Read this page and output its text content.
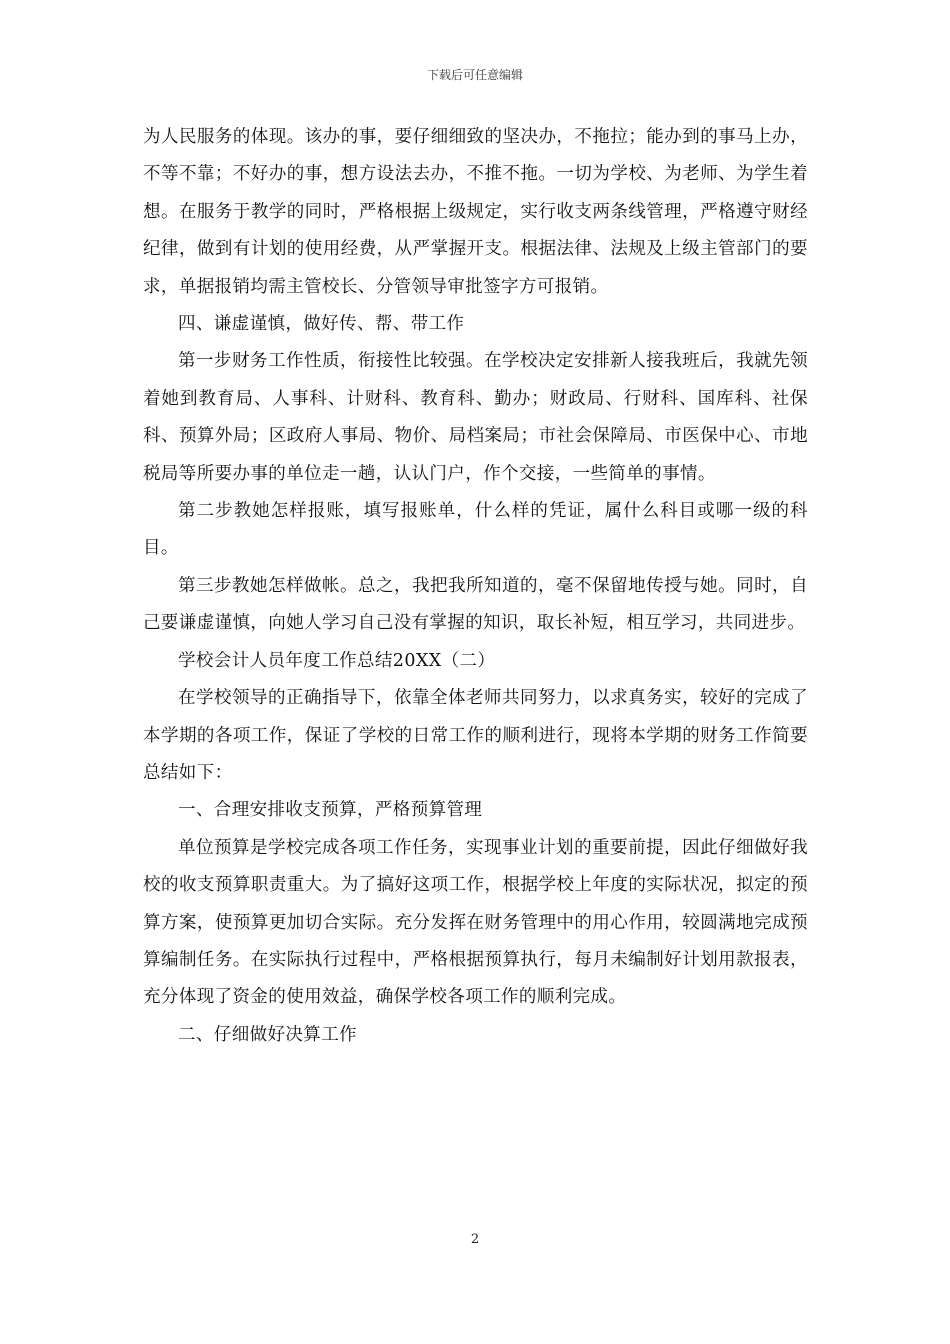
下载后可任意编辑

为人民服务的体现。该办的事，要仔细细致的坚决办，不拖拉；能办到的事马上办，不等不靠；不好办的事，想方设法去办，不推不拖。一切为学校、为老师、为学生着想。在服务于教学的同时，严格根据上级规定，实行收支两条线管理，严格遵守财经纪律，做到有计划的使用经费，从严掌握开支。根据法律、法规及上级主管部门的要求，单据报销均需主管校长、分管领导审批签字方可报销。

四、谦虚谨慎，做好传、帮、带工作

第一步财务工作性质，衔接性比较强。在学校决定安排新人接我班后，我就先领着她到教育局、人事科、计财科、教育科、勤办；财政局、行财科、国库科、社保科、预算外局；区政府人事局、物价、局档案局；市社会保障局、市医保中心、市地税局等所要办事的单位走一趟，认认门户，作个交接，一些简单的事情。

第二步教她怎样报账，填写报账单，什么样的凭证，属什么科目或哪一级的科目。

第三步教她怎样做帐。总之，我把我所知道的，毫不保留地传授与她。同时，自己要谦虚谨慎，向她人学习自己没有掌握的知识，取长补短，相互学习，共同进步。

学校会计人员年度工作总结20XX（二）

在学校领导的正确指导下，依靠全体老师共同努力，以求真务实，较好的完成了本学期的各项工作，保证了学校的日常工作的顺利进行，现将本学期的财务工作简要总结如下：

一、合理安排收支预算，严格预算管理

单位预算是学校完成各项工作任务，实现事业计划的重要前提，因此仔细做好我校的收支预算职责重大。为了搞好这项工作，根据学校上年度的实际状况，拟定的预算方案，使预算更加切合实际。充分发挥在财务管理中的用心作用，较圆满地完成预算编制任务。在实际执行过程中，严格根据预算执行，每月未编制好计划用款报表，充分体现了资金的使用效益，确保学校各项工作的顺利完成。

二、仔细做好决算工作

2
